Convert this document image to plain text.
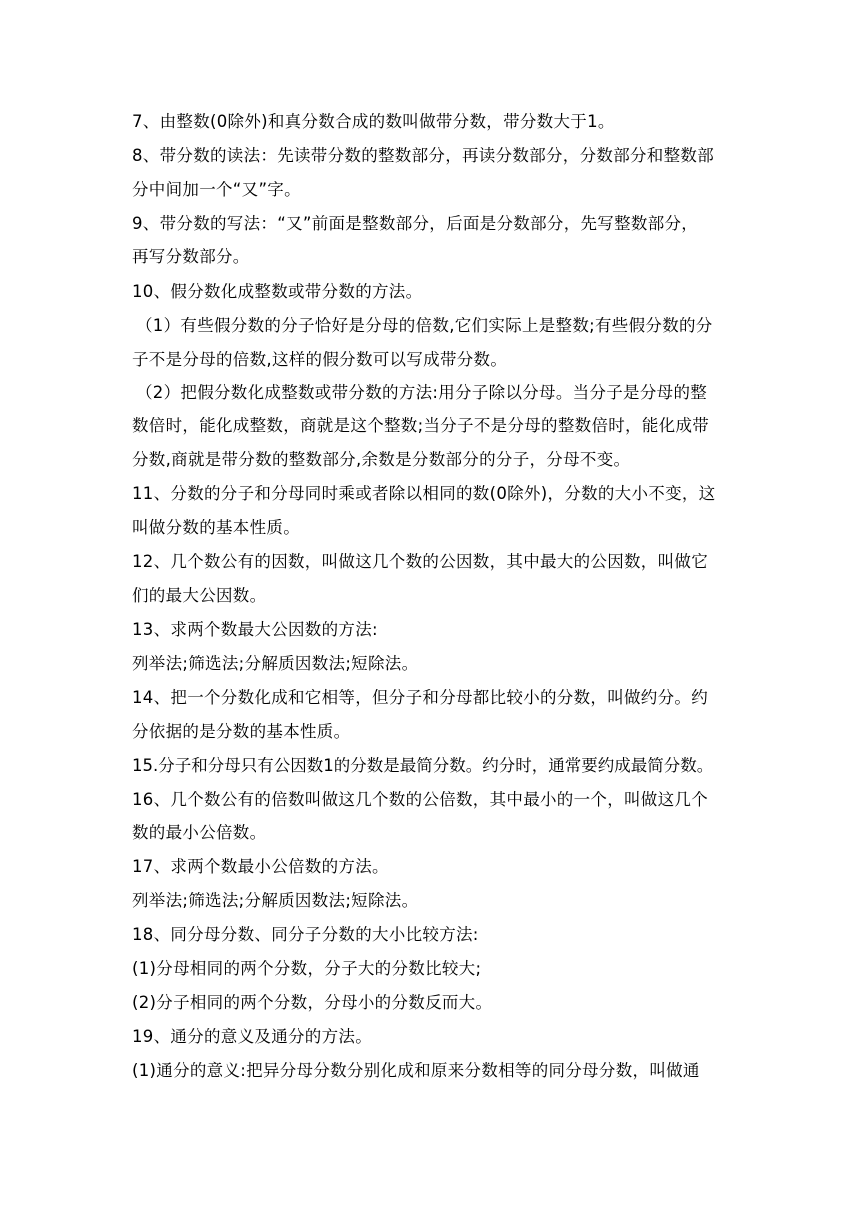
7、由整数(0除外)和真分数合成的数叫做带分数，带分数大于1。
8、带分数的读法：先读带分数的整数部分，再读分数部分，分数部分和整数部
分中间加一个“又”字。
9、带分数的写法：“又”前面是整数部分，后面是分数部分，先写整数部分，
再写分数部分。
10、假分数化成整数或带分数的方法。
（1）有些假分数的分子恰好是分母的倍数,它们实际上是整数;有些假分数的分
子不是分母的倍数,这样的假分数可以写成带分数。
（2）把假分数化成整数或带分数的方法:用分子除以分母。当分子是分母的整
数倍时，能化成整数，商就是这个整数;当分子不是分母的整数倍时，能化成带
分数,商就是带分数的整数部分,余数是分数部分的分子，分母不变。
11、分数的分子和分母同时乘或者除以相同的数(0除外)，分数的大小不变，这
叫做分数的基本性质。
12、几个数公有的因数，叫做这几个数的公因数，其中最大的公因数，叫做它
们的最大公因数。
13、求两个数最大公因数的方法:
列举法;筛选法;分解质因数法;短除法。
14、把一个分数化成和它相等，但分子和分母都比较小的分数，叫做约分。约
分依据的是分数的基本性质。
15.分子和分母只有公因数1的分数是最简分数。约分时，通常要约成最简分数。
16、几个数公有的倍数叫做这几个数的公倍数，其中最小的一个，叫做这几个
数的最小公倍数。
17、求两个数最小公倍数的方法。
列举法;筛选法;分解质因数法;短除法。
18、同分母分数、同分子分数的大小比较方法:
(1)分母相同的两个分数，分子大的分数比较大;
(2)分子相同的两个分数，分母小的分数反而大。
19、通分的意义及通分的方法。
(1)通分的意义:把异分母分数分别化成和原来分数相等的同分母分数，叫做通
